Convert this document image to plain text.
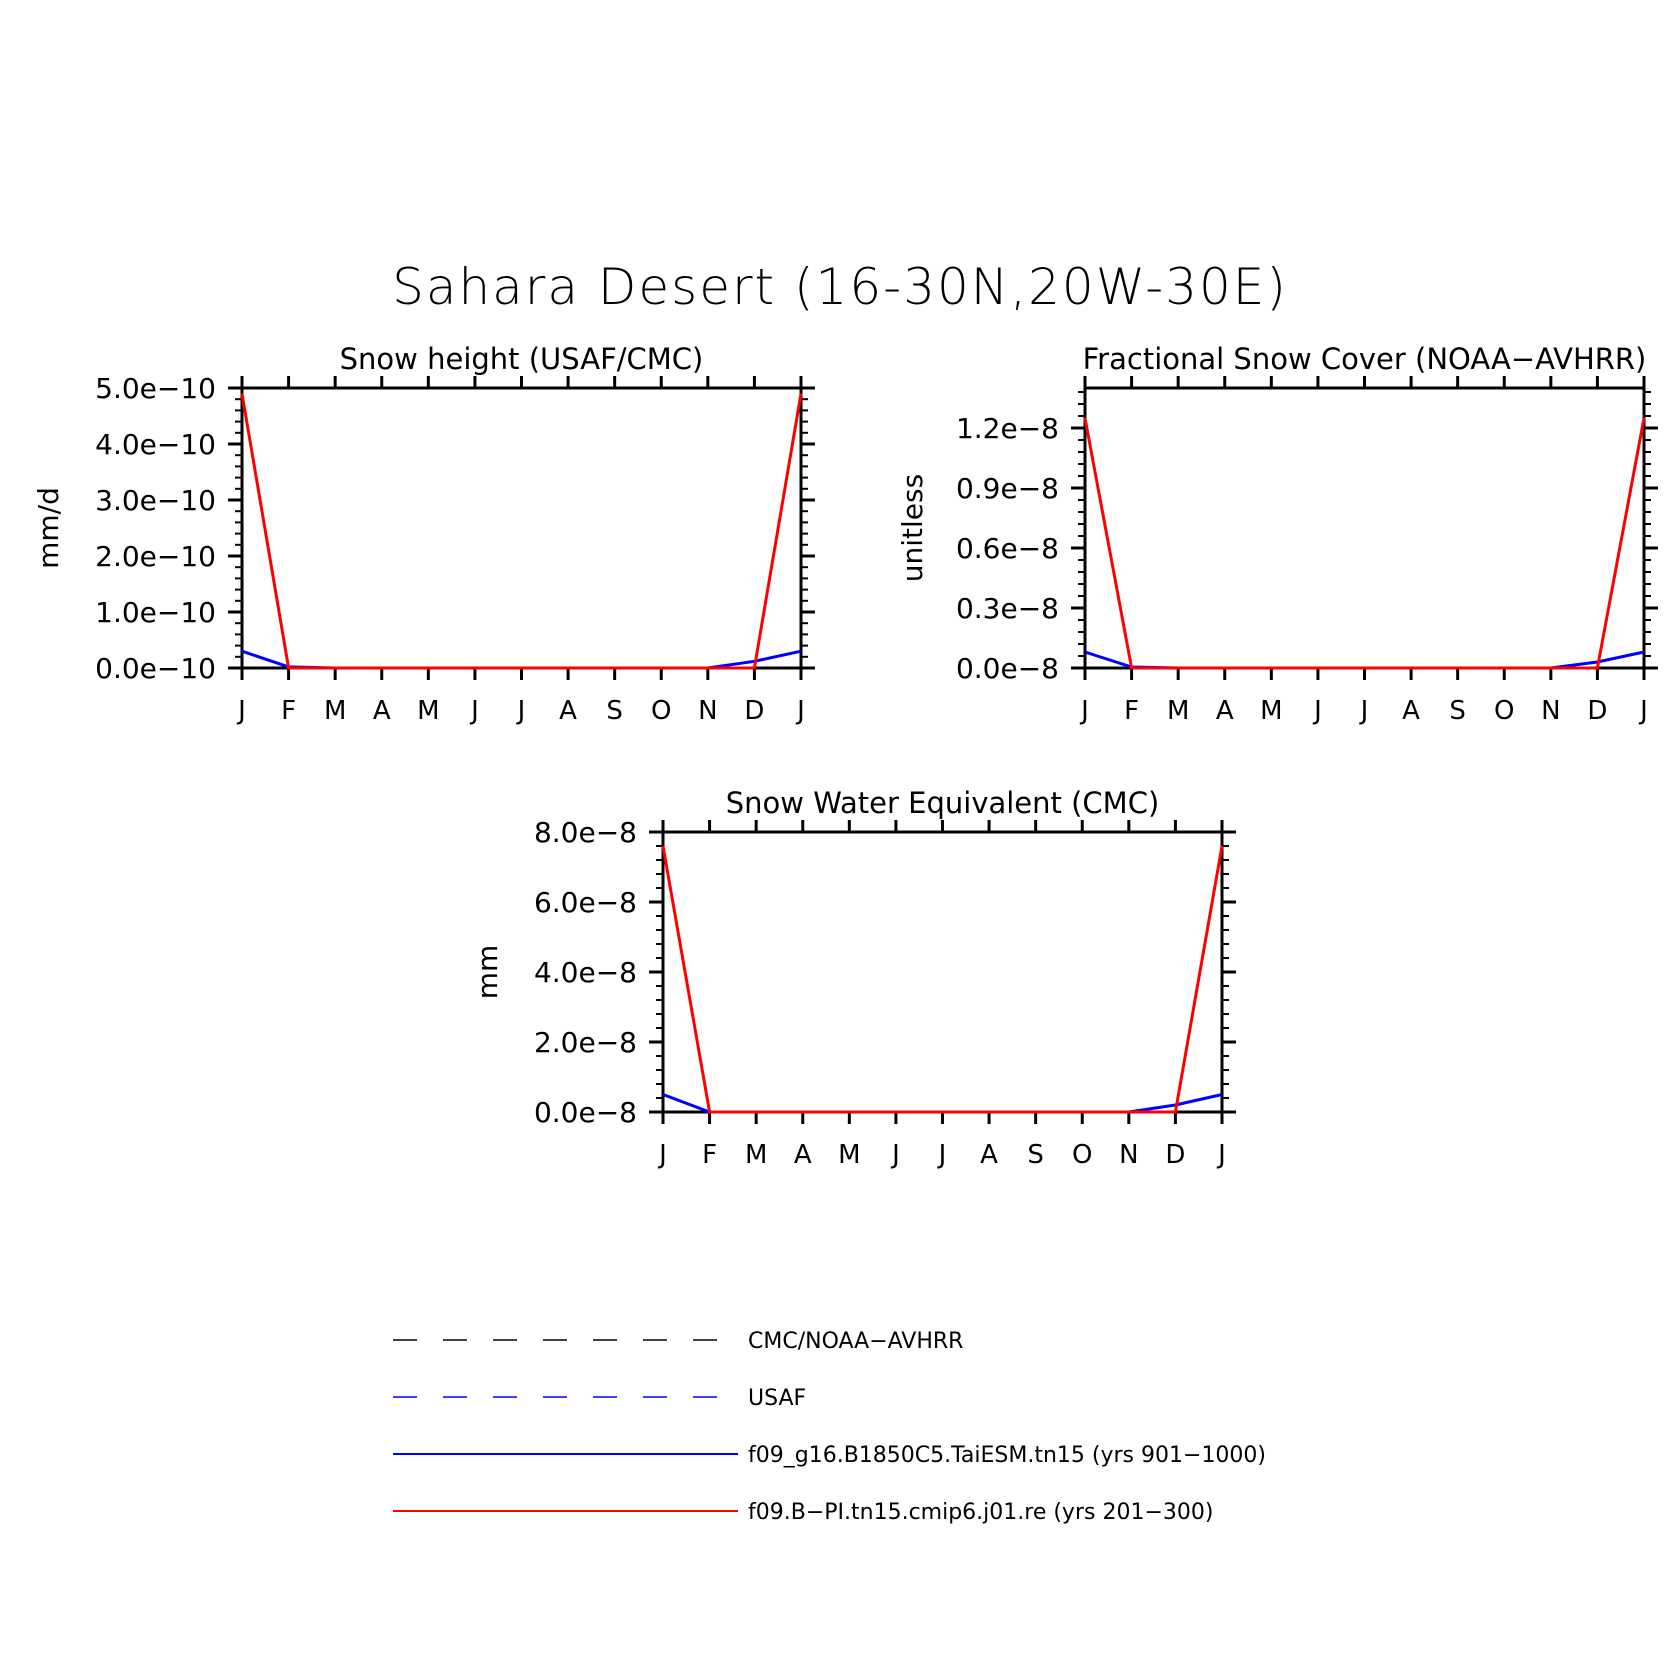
Sahara Desert (16-30N,20W-30E)
J F M A M J J A S O N D J
0.0e−10
1.0e−10
2.0e−10
3.0e−10
4.0e−10
5.0e−10
Snow height (USAF/CMC)
mm/d
J F M A M J J A S O N D J
0.0e−8
0.3e−8
0.6e−8
0.9e−8
1.2e−8
Fractional Snow Cover (NOAA−AVHRR)
unitless
J F M A M J J A S O N D J
0.0e−8
2.0e−8
4.0e−8
6.0e−8
8.0e−8
Snow Water Equivalent (CMC)
mm
CMC/NOAA−AVHRR
USAF
f09_g16.B1850C5.TaiESM.tn15 (yrs 901−1000)
f09.B−PI.tn15.cmip6.j01.re (yrs 201−300)
